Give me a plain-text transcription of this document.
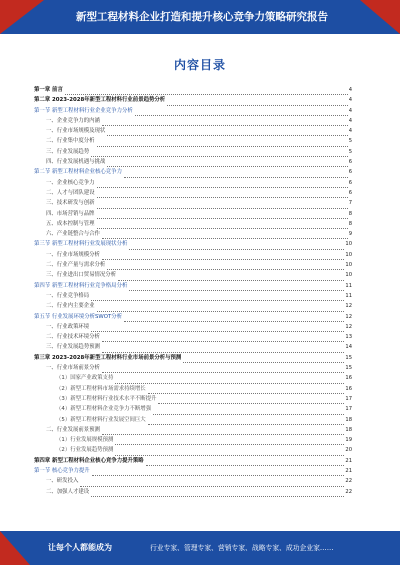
新型工程材料企业打造和提升核心竞争力策略研究报告
内容目录
第一章 前言	4
第二章 2023-2028年新型工程材料行业前景趋势分析	4
第一节 新型工程材料行业企业竞争力分析	4
一、企业竞争力的内涵	4
一、行业市场规模及现状	4
二、行业集中度分析	5
三、行业发展趋势	5
四、行业发展机遇与挑战	6
第二节 新型工程材料企业核心竞争力	6
一、企业核心竞争力	6
二、人才与团队建设	6
三、技术研发与创新	7
四、市场营销与品牌	8
五、成本控制与管理	8
六、产业链整合与合作	9
第三节 新型工程材料行业发展现状分析	10
一、行业市场规模分析	10
二、行业产量与需求分析	10
三、行业进出口贸易情况分析	10
第四节 新型工程材料行业竞争格局分析	11
一、行业竞争格局	11
二、行业内主要企业	12
第五节 行业发展环境分析SWOT分析	12
一、行业政策环境	12
二、行业技术环境分析	13
三、行业发展趋势预测	14
第三章 2023-2028年新型工程材料行业市场前景分析与预测	15
一、行业市场前景分析	15
（1）国家产业政策支持	16
（2）新型工程材料市场需求持续增长	16
（3）新型工程材料行业技术水平不断提升	17
（4）新型工程材料企业竞争力不断增强	17
（5）新型工程材料行业发展空间巨大	18
二、行业发展前景预测	18
（1）行业发展规模预测	19
（2）行业发展趋势预测	20
第四章 新型工程材料企业核心竞争力提升策略	21
第一节 核心竞争力提升	21
一、研发投入	22
二、加强人才建设	22
让每个人都能成为	行业专家、管理专家、营销专家、战略专家、成功企业家……
